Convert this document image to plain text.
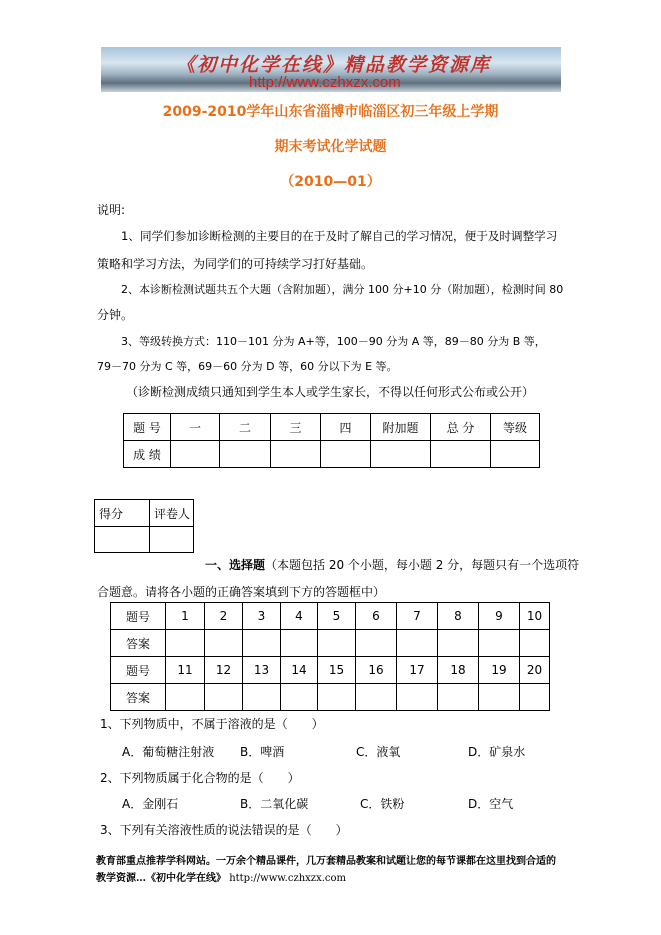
《初中化学在线》精品教学资源库
http://www.czhxzx.com
2009-2010学年山东省淄博市临淄区初三年级上学期
期末考试化学试题
（2010—01）
说明:
1、同学们参加诊断检测的主要目的在于及时了解自己的学习情况，便于及时调整学习
策略和学习方法，为同学们的可持续学习打好基础。
2、本诊断检测试题共五个大题（含附加题），满分 100 分+10 分（附加题），检测时间 80
分钟。
3、等级转换方式：110－101 分为 A+等，100－90 分为 A 等，89－80 分为 B 等，
79－70 分为 C 等，69－60 分为 D 等，60 分以下为 E 等。
（诊断检测成绩只通知到学生本人或学生家长，不得以任何形式公布或公开）
题 号	一	二	三	四	附加题	总 分	等级
成 绩							
得分	评卷人

一、选择题（本题包括 20 个小题，每小题 2 分，每题只有一个选项符
合题意。请将各小题的正确答案填到下方的答题框中）
题号	1	2	3	4	5	6	7	8	9	10
答案										
题号	11	12	13	14	15	16	17	18	19	20
答案										
1、下列物质中，不属于溶液的是（　　）
A．葡萄糖注射液 B．啤酒	C．液氧	D．矿泉水
2、下列物质属于化合物的是（　　）
A．金刚石	B．二氧化碳	C．铁粉	D．空气
3、下列有关溶液性质的说法错误的是（　　）
教育部重点推荐学科网站。一万余个精品课件，几万套精品教案和试题让您的每节课都在这里找到合适的
教学资源…《初中化学在线》 http://www.czhxzx.com
